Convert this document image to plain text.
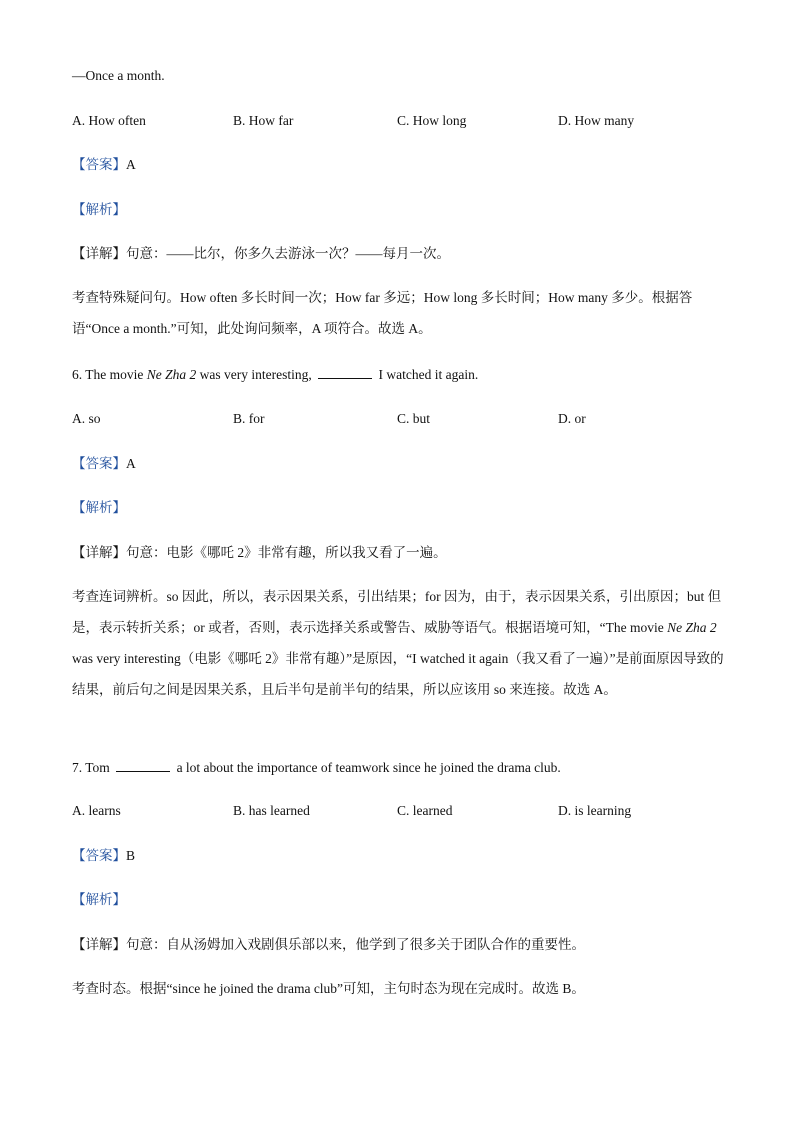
—Once a month.
A. How often	B. How far	C. How long	D. How many
【答案】A
【解析】
【详解】句意：——比尔，你多久去游泳一次？——每月一次。
考查特殊疑问句。How often 多长时间一次；How far 多远；How long 多长时间；How many 多少。根据答语“Once a month.”可知，此处询问频率，A 项符合。故选 A。
6. The movie Ne Zha 2 was very interesting,	I watched it again.
A. so	B. for	C. but	D. or
【答案】A
【解析】
【详解】句意：电影《哪吒 2》非常有趣，所以我又看了一遍。
考查连词辨析。so 因此，所以，表示因果关系，引出结果；for 因为，由于，表示因果关系，引出原因；but 但是，表示转折关系；or 或者，否则，表示选择关系或警告、威胁等语气。根据语境可知，“The movie Ne Zha 2 was very interesting（电影《哪吒 2》非常有趣）”是原因，“I watched it again（我又看了一遍）”是前面原因导致的结果，前后句之间是因果关系，且后半句是前半句的结果，所以应该用 so 来连接。故选 A。
7. Tom	a lot about the importance of teamwork since he joined the drama club.
A. learns	B. has learned	C. learned	D. is learning
【答案】B
【解析】
【详解】句意：自从汤姆加入戏剧俱乐部以来，他学到了很多关于团队合作的重要性。
考查时态。根据“since he joined the drama club”可知，主句时态为现在完成时。故选 B。
